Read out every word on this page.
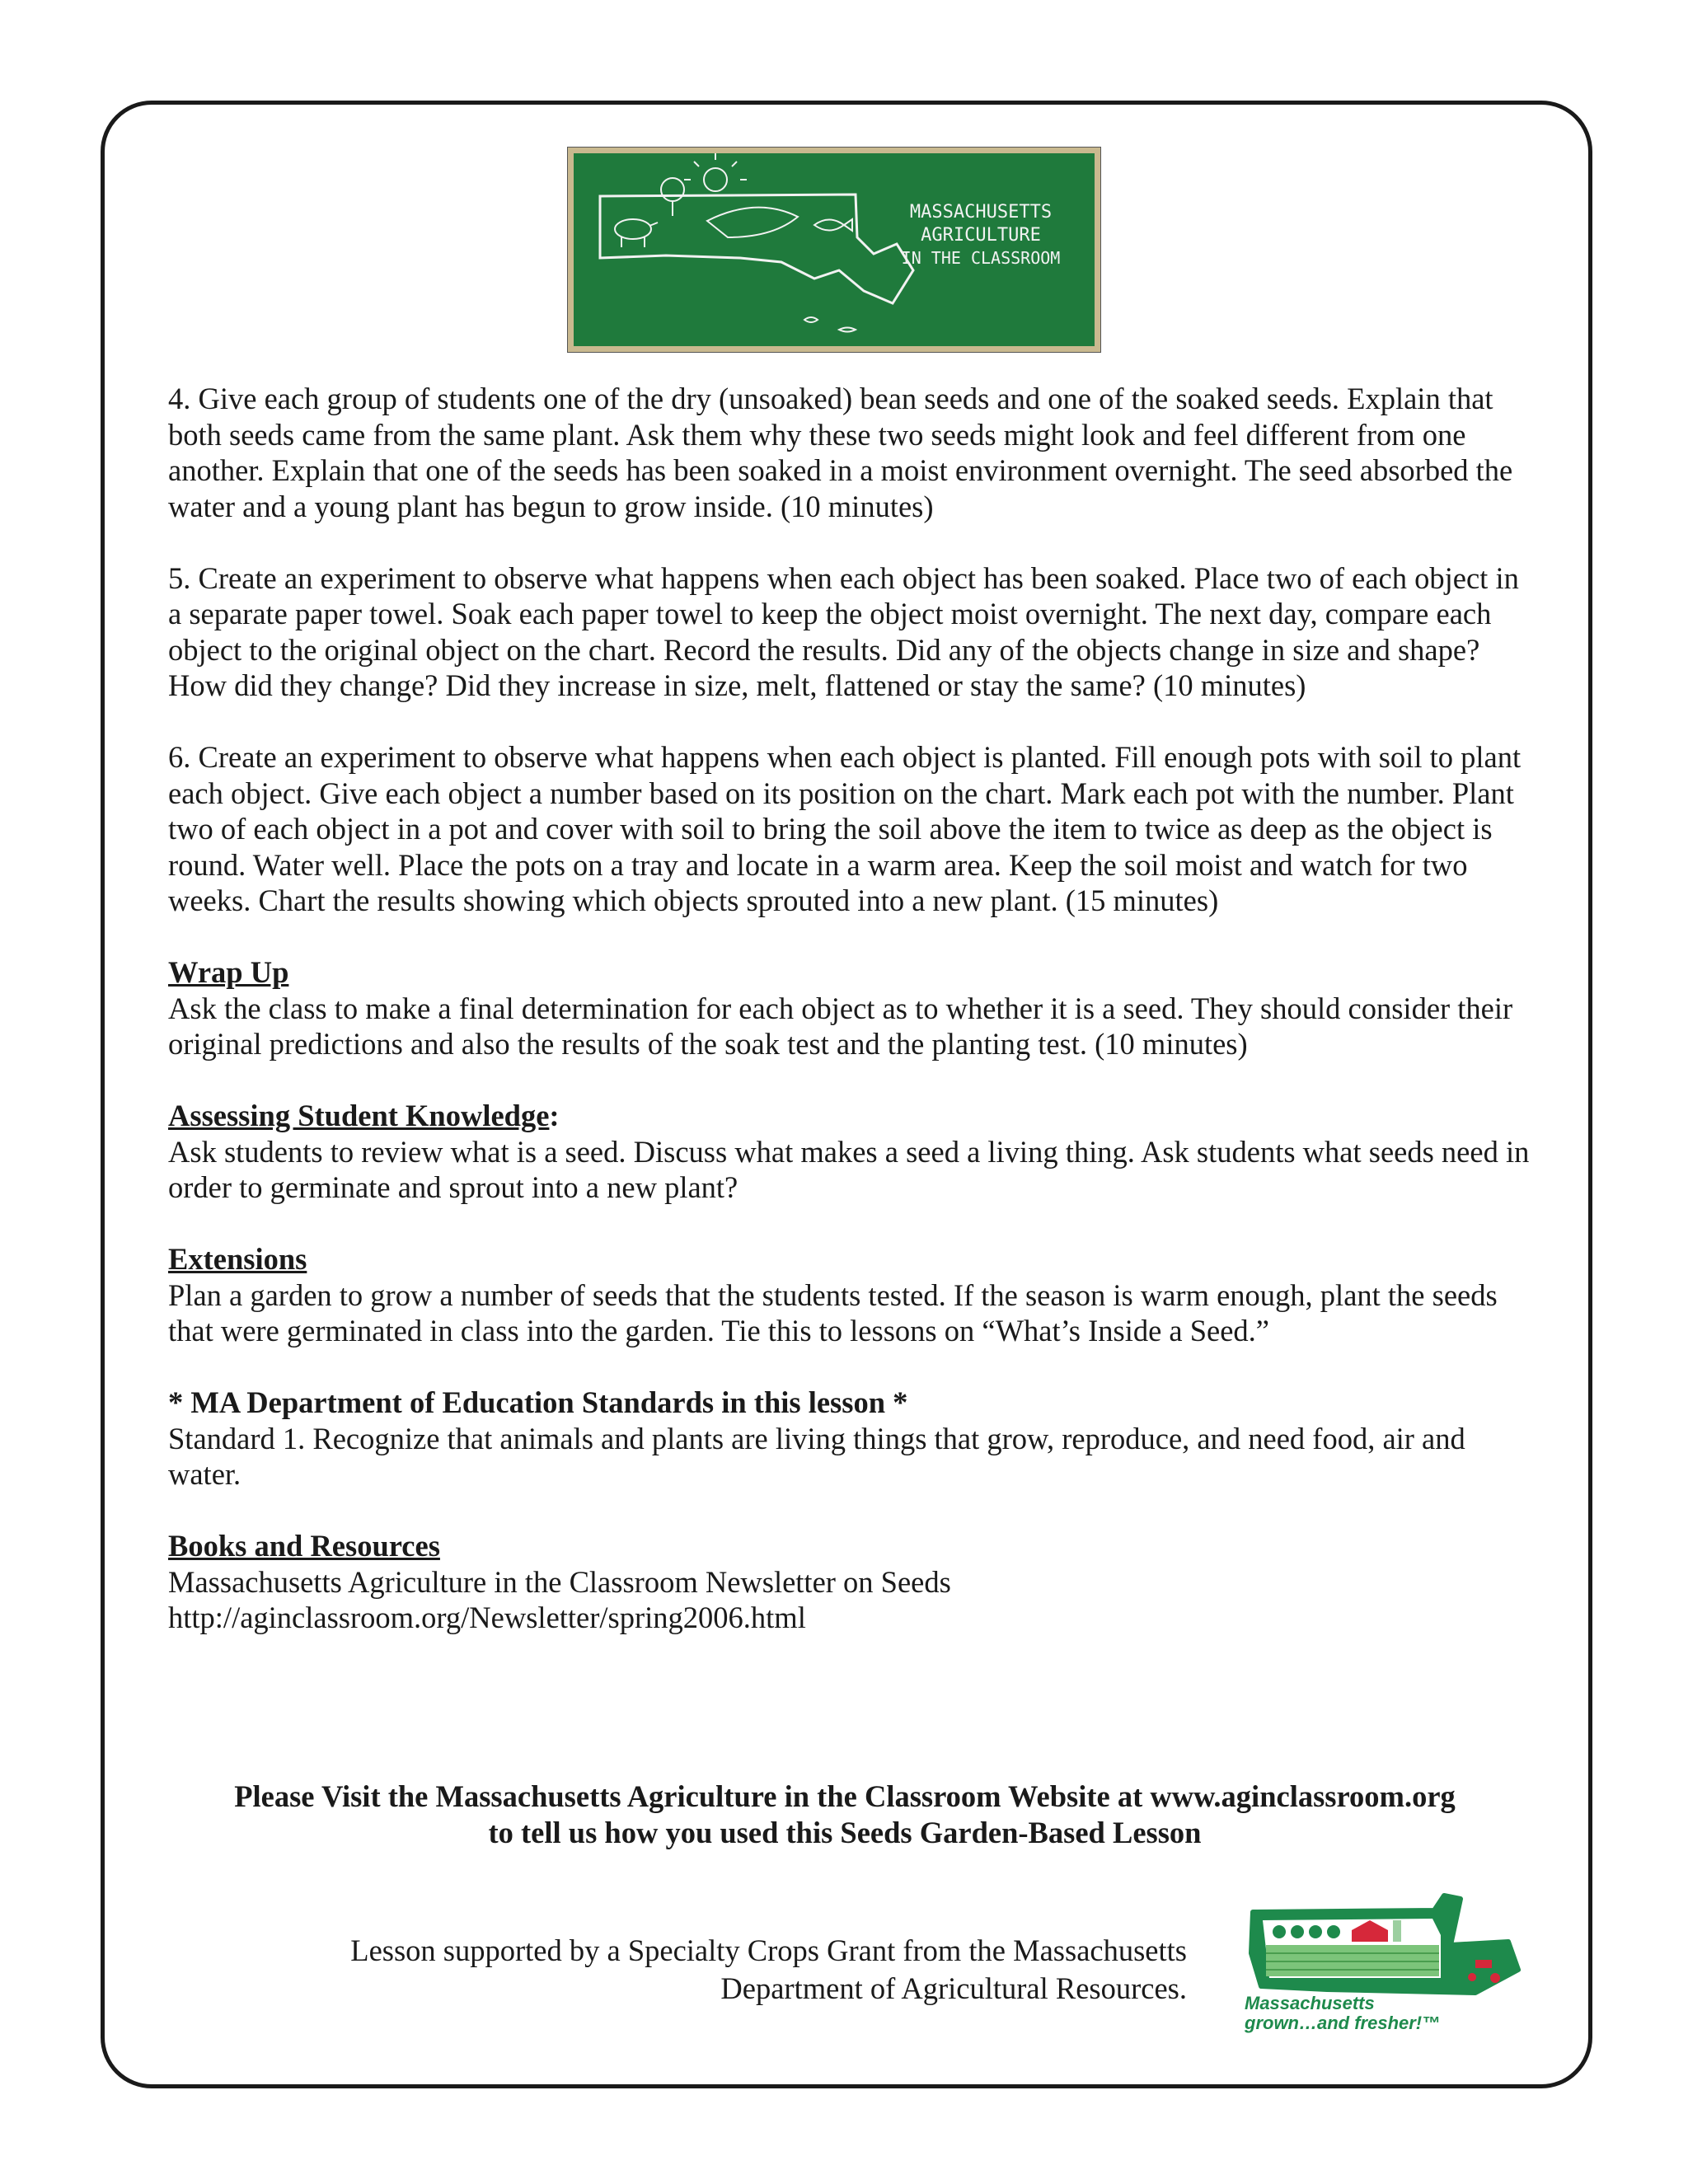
MASSACHUSETTS
AGRICULTURE
IN THE CLASSROOM

4. Give each group of students one of the dry (unsoaked) bean seeds and one of the soaked seeds. Explain that both seeds came from the same plant. Ask them why these two seeds might look and feel different from one another. Explain that one of the seeds has been soaked in a moist environment overnight. The seed absorbed the water and a young plant has begun to grow inside. (10 minutes)

5. Create an experiment to observe what happens when each object has been soaked. Place two of each object in a separate paper towel. Soak each paper towel to keep the object moist overnight. The next day, compare each object to the original object on the chart. Record the results. Did any of the objects change in size and shape? How did they change? Did they increase in size, melt, flattened or stay the same? (10 minutes)

6. Create an experiment to observe what happens when each object is planted. Fill enough pots with soil to plant each object. Give each object a number based on its position on the chart. Mark each pot with the number. Plant two of each object in a pot and cover with soil to bring the soil above the item to twice as deep as the object is round. Water well. Place the pots on a tray and locate in a warm area. Keep the soil moist and watch for two weeks. Chart the results showing which objects sprouted into a new plant. (15 minutes)

Wrap Up

Ask the class to make a final determination for each object as to whether it is a seed. They should consider their original predictions and also the results of the soak test and the planting test. (10 minutes)

Assessing Student Knowledge:

Ask students to review what is a seed. Discuss what makes a seed a living thing. Ask students what seeds need in order to germinate and sprout into a new plant?

Extensions

Plan a garden to grow a number of seeds that the students tested. If the season is warm enough, plant the seeds that were germinated in class into the garden. Tie this to lessons on “What’s Inside a Seed.”

* MA Department of Education Standards in this lesson *

Standard 1. Recognize that animals and plants are living things that grow, reproduce, and need food, air and water.

Books and Resources

Massachusetts Agriculture in the Classroom Newsletter on Seeds

http://aginclassroom.org/Newsletter/spring2006.html

Please Visit the Massachusetts Agriculture in the Classroom Website at www.aginclassroom.org
to tell us how you used this Seeds Garden-Based Lesson
Lesson supported by a Specialty Crops Grant from the Massachusetts
Department of Agricultural Resources.	Massachusetts
grown…and fresher!™
